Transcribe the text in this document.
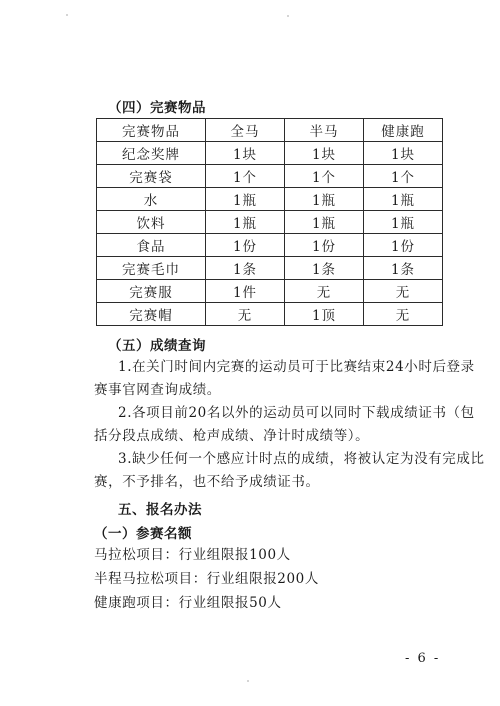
（四）完赛物品
完赛物品	全马	半马	健康跑
纪念奖牌	1块	1块	1块
完赛袋	1个	1个	1个
水	1瓶	1瓶	1瓶
饮料	1瓶	1瓶	1瓶
食品	1份	1份	1份
完赛毛巾	1条	1条	1条
完赛服	1件	无	无
完赛帽	无	1顶	无
（五）成绩查询
1.在关门时间内完赛的运动员可于比赛结束24小时后登录
赛事官网查询成绩。
2.各项目前20名以外的运动员可以同时下载成绩证书（包
括分段点成绩、枪声成绩、净计时成绩等）。
3.缺少任何一个感应计时点的成绩，将被认定为没有完成比
赛，不予排名，也不给予成绩证书。
五、报名办法
（一）参赛名额
马拉松项目：行业组限报100人
半程马拉松项目：行业组限报200人
健康跑项目：行业组限报50人
- 6 -
